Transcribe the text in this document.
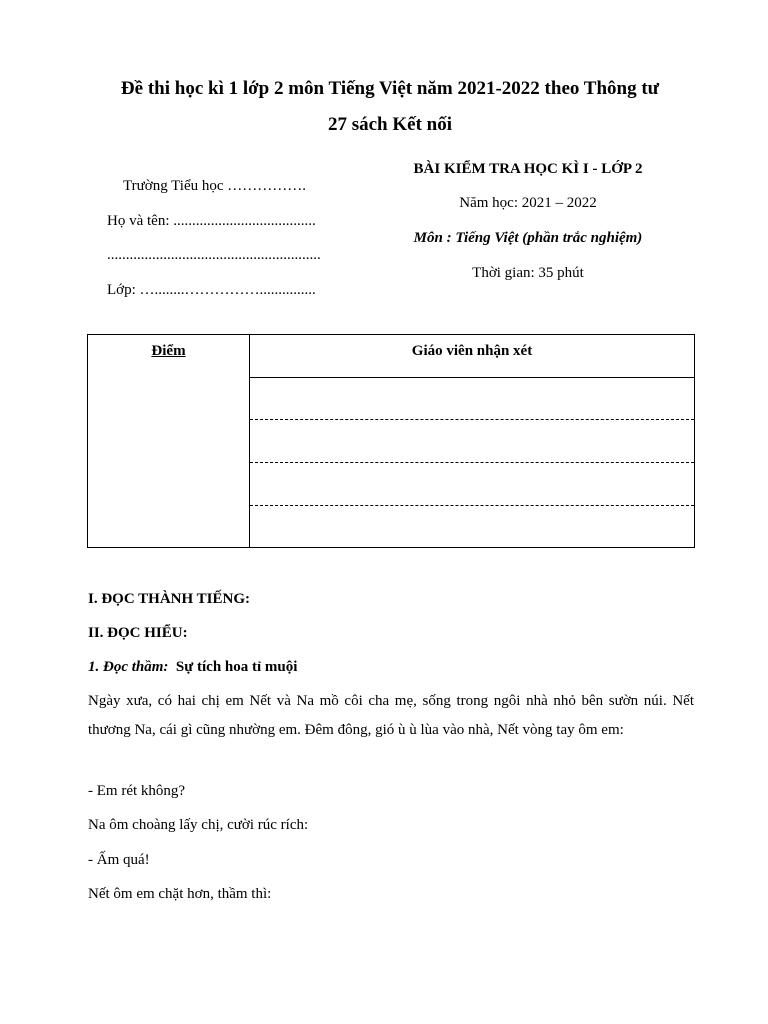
Đề thi học kì 1 lớp 2 môn Tiếng Việt năm 2021-2022 theo Thông tư
27 sách Kết nối
Trường Tiểu học …………….
Họ và tên: ......................................
.........................................................
Lớp: …........……………...............
BÀI KIỂM TRA HỌC KÌ I - LỚP 2
Năm học: 2021 – 2022
Môn : Tiếng Việt (phần trắc nghiệm)
Thời gian: 35 phút
Điểm	Giáo viên nhận xét
I. ĐỌC THÀNH TIẾNG:
II. ĐỌC HIỂU:
1. Đọc thầm: Sự tích hoa tỉ muội
Ngày xưa, có hai chị em Nết và Na mồ côi cha mẹ, sống trong ngôi nhà nhỏ bên sườn núi. Nết thương Na, cái gì cũng nhường em. Đêm đông, gió ù ù lùa vào nhà, Nết vòng tay ôm em:
- Em rét không?
Na ôm choàng lấy chị, cười rúc rích:
- Ấm quá!
Nết ôm em chặt hơn, thầm thì:
